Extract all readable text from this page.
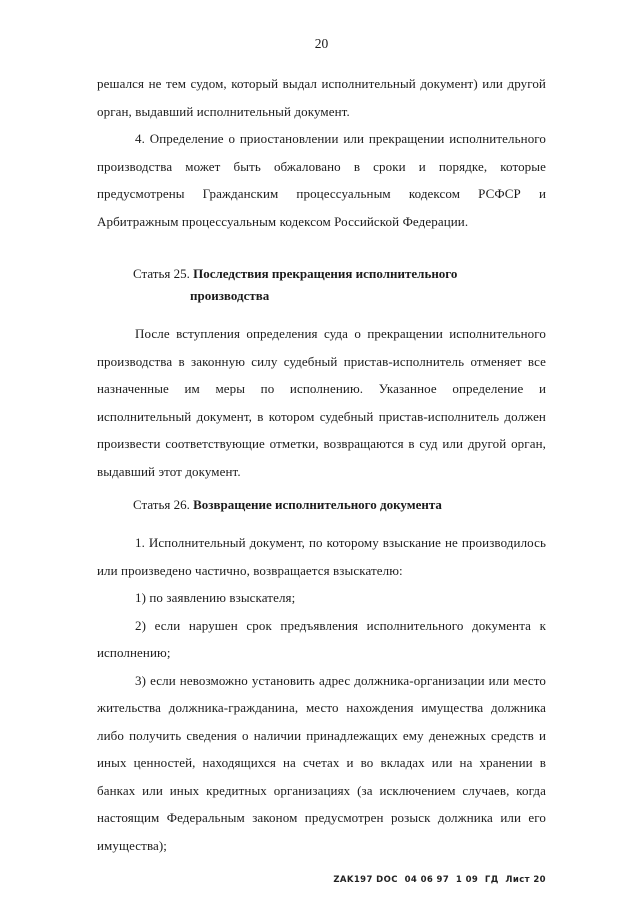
20

решался не тем судом, который выдал исполнительный документ) или другой орган, выдавший исполнительный документ.

4. Определение о приостановлении или прекращении исполнительного производства может быть обжаловано в сроки и порядке, которые предусмотрены Гражданским процессуальным кодексом РСФСР и Арбитражным процессуальным кодексом Российской Федерации.

Статья 25. Последствия прекращения исполнительного
производства

После вступления определения суда о прекращении исполнительного производства в законную силу судебный пристав-исполнитель отменяет все назначенные им меры по исполнению. Указанное определение и исполнительный документ, в котором судебный пристав-исполнитель должен произвести соответствующие отметки, возвращаются в суд или другой орган, выдавший этот документ.

Статья 26. Возвращение исполнительного документа

1. Исполнительный документ, по которому взыскание не производилось или произведено частично, возвращается взыскателю:

1) по заявлению взыскателя;

2) если нарушен срок предъявления исполнительного документа к исполнению;

3) если невозможно установить адрес должника-организации или место жительства должника-гражданина, место нахождения имущества должника либо получить сведения о наличии принадлежащих ему денежных средств и иных ценностей, находящихся на счетах и во вкладах или на хранении в банках или иных кредитных организациях (за исключением случаев, когда настоящим Федеральным законом предусмотрен розыск должника или его имущества);

ZAK197 DOC  04 06 97  1 09  ГД  Лист 20
